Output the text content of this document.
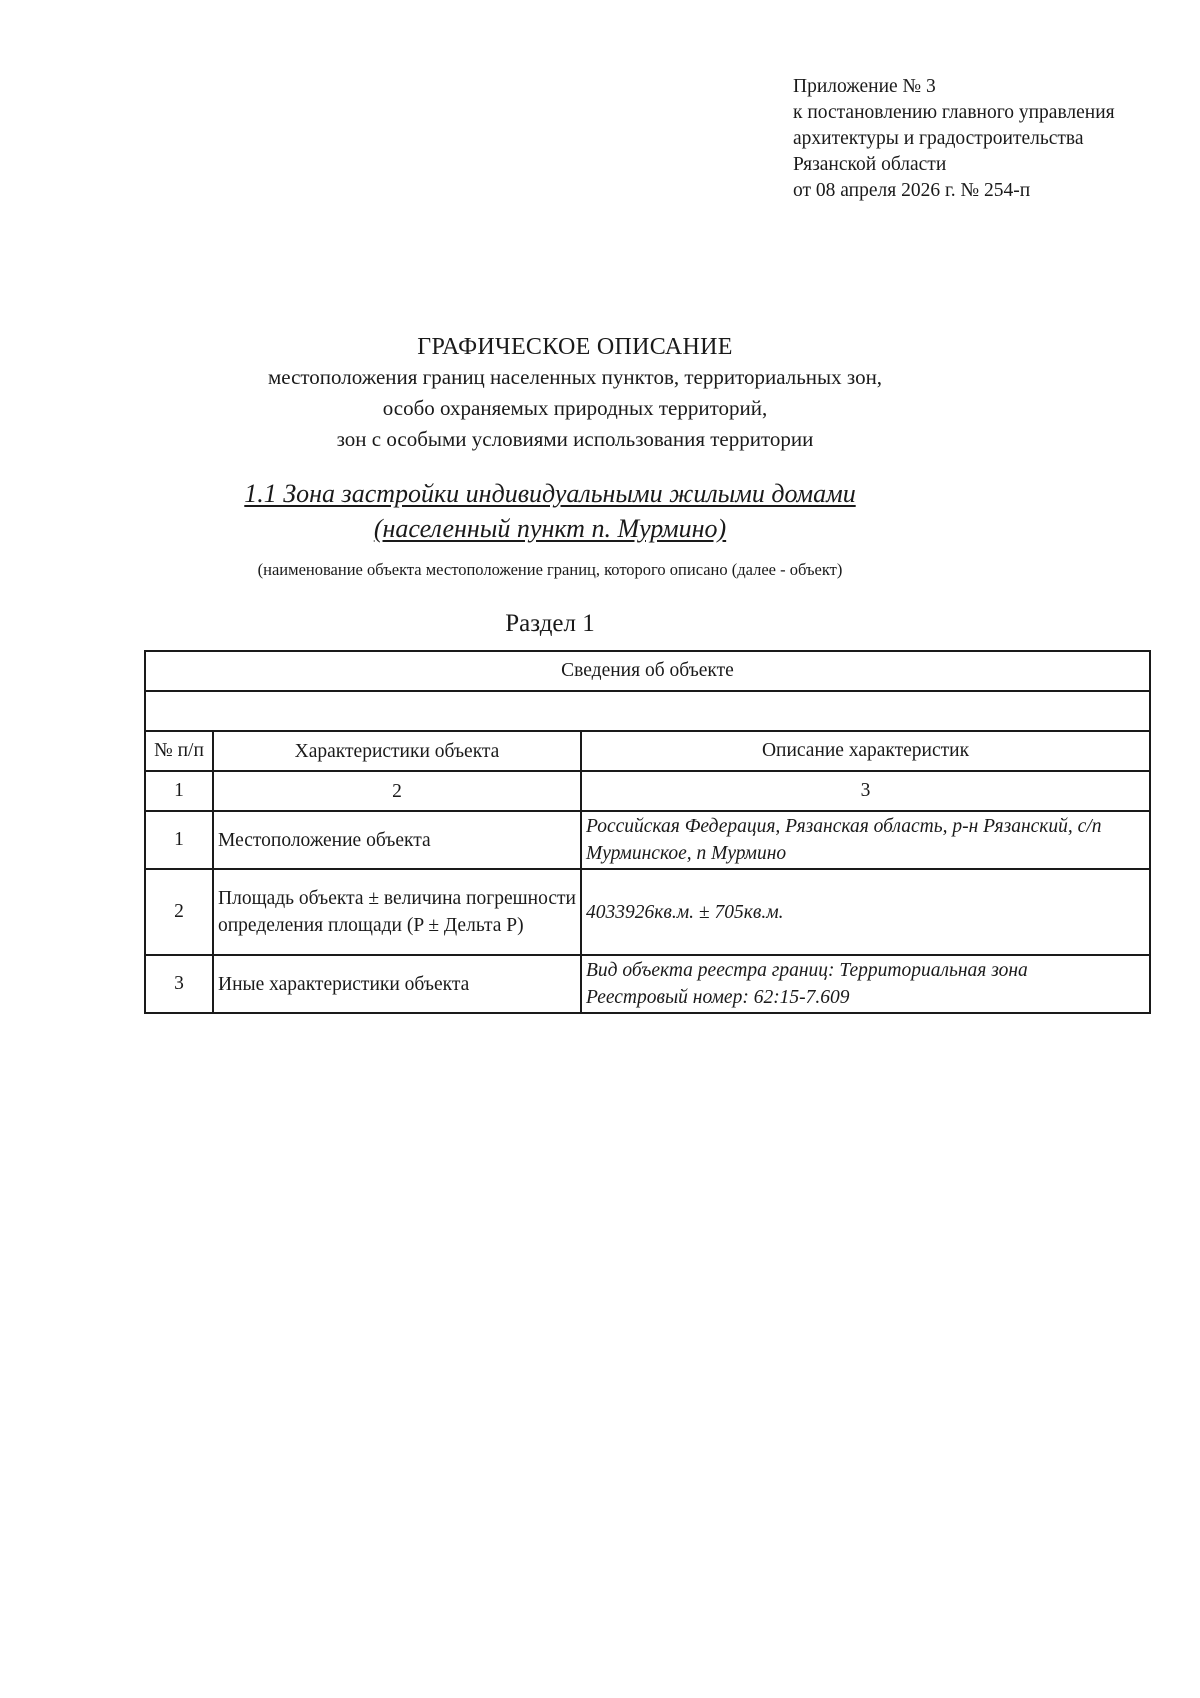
Приложение № 3
к постановлению главного управления
архитектуры и градостроительства
Рязанской области
от 08 апреля 2026 г. № 254-п
ГРАФИЧЕСКОЕ ОПИСАНИЕ
местоположения границ населенных пунктов, территориальных зон,
особо охраняемых природных территорий,
зон с особыми условиями использования территории
1.1 Зона застройки индивидуальными жилыми домами
(населенный пункт п. Мурмино)
(наименование объекта местоположение границ, которого описано (далее - объект)
Раздел 1
Сведения об объекте		

№ п/п	Характеристики объекта	Описание характеристик
1	2	3
1	Местоположение объекта	Российская Федерация, Рязанская область, р-н Рязанский, с/п Мурминское, п Мурмино
2	Площадь объекта ± величина погрешности определения площади (P ± Дельта P)	4033926кв.м. ± 705кв.м.
3	Иные характеристики объекта	Вид объекта реестра границ: Территориальная зона
Реестровый номер: 62:15-7.609
